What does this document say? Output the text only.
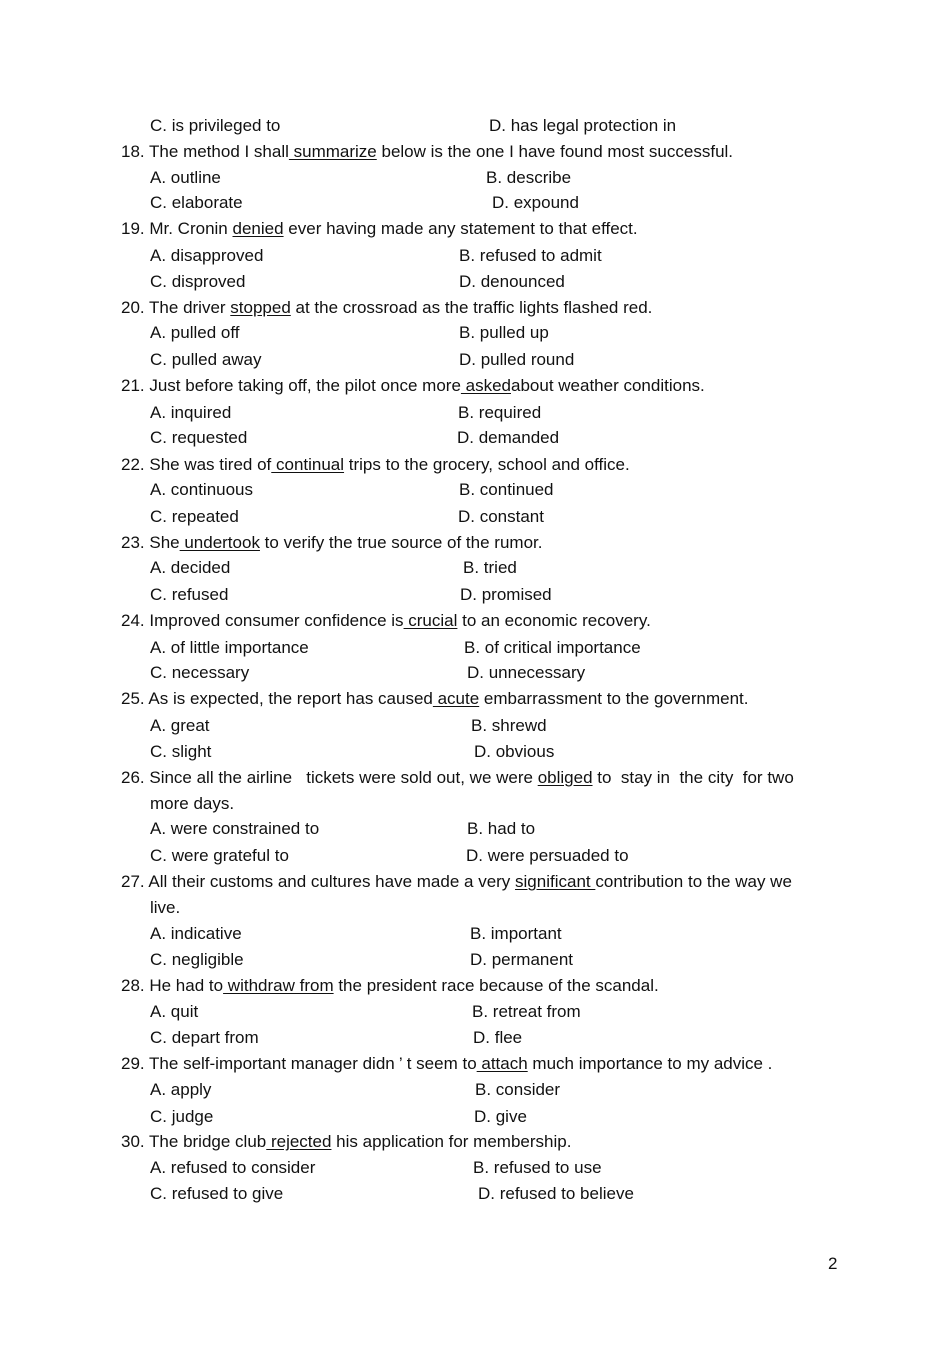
C. is privileged to	D. has legal protection in
18. The method I shall summarize below is the one I have found most successful.
A. outline	B. describe
C. elaborate	D. expound
19. Mr. Cronin denied ever having made any statement to that effect.
A. disapproved	B. refused to admit
C. disproved	D. denounced
20. The driver stopped at the crossroad as the traffic lights flashed red.
A. pulled off	B. pulled up
C. pulled away	D. pulled round
21. Just before taking off, the pilot once more askedabout weather conditions.
A. inquired	B. required
C. requested	D. demanded
22. She was tired of continual trips to the grocery, school and office.
A. continuous	B. continued
C. repeated	D. constant
23. She undertook to verify the true source of the rumor.
A. decided	B. tried
C. refused	D. promised
24. Improved consumer confidence is crucial to an economic recovery.
A. of little importance	B. of critical importance
C. necessary	D. unnecessary
25. As is expected, the report has caused acute embarrassment to the government.
A. great	B. shrewd
C. slight	D. obvious
26. Since all the airline   tickets were sold out, we were obliged to  stay in  the city  for two
more days.
A. were constrained to	B. had to
C. were grateful to	D. were persuaded to
27. All their customs and cultures have made a very significant contribution to the way we
live.
A. indicative	B. important
C. negligible	D. permanent
28. He had to withdraw from the president race because of the scandal.
A. quit	B. retreat from
C. depart from	D. flee
29. The self-important manager didn ’ t seem to attach much importance to my advice .
A. apply	B. consider
C. judge	D. give
30. The bridge club rejected his application for membership.
A. refused to consider	B. refused to use
C. refused to give	D. refused to believe
2
